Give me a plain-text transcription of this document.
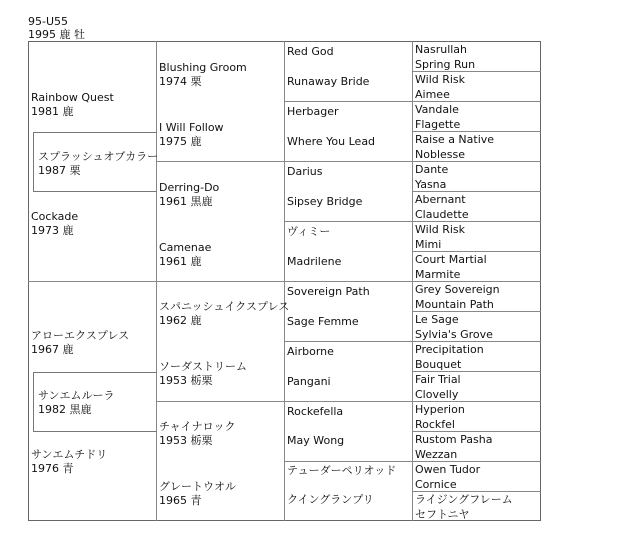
95-U55
1995 鹿 牡
スプラッシュオブカラー
1987 栗
サンエムチドリ
1976 青
Rainbow Quest
1981 鹿
Cockade
1973 鹿
アローエクスプレス
1967 鹿
サンエムルーラ
1982 黒鹿
Blushing Groom
1974 栗
I Will Follow
1975 鹿
Derring-Do
1961 黒鹿
Camenae
1961 鹿
スパニッシュイクスプレス
1962 鹿
ソーダストリーム
1953 栃栗
チャイナロック
1953 栃栗
グレートウオル
1965 青
Red God
Runaway Bride
Herbager
Where You Lead
Darius
Sipsey Bridge
ヴィミー
Madrilene
Sovereign Path
Sage Femme
Airborne
Pangani
Rockefella
May Wong
テューダーペリオッド
クイングランプリ
Nasrullah
Spring Run
Wild Risk
Aimee
Vandale
Flagette
Raise a Native
Noblesse
Dante
Yasna
Abernant
Claudette
Wild Risk
Mimi
Court Martial
Marmite
Grey Sovereign
Mountain Path
Le Sage
Sylvia's Grove
Precipitation
Bouquet
Fair Trial
Clovelly
Hyperion
Rockfel
Rustom Pasha
Wezzan
Owen Tudor
Cornice
ライジングフレーム
セフトニヤ
